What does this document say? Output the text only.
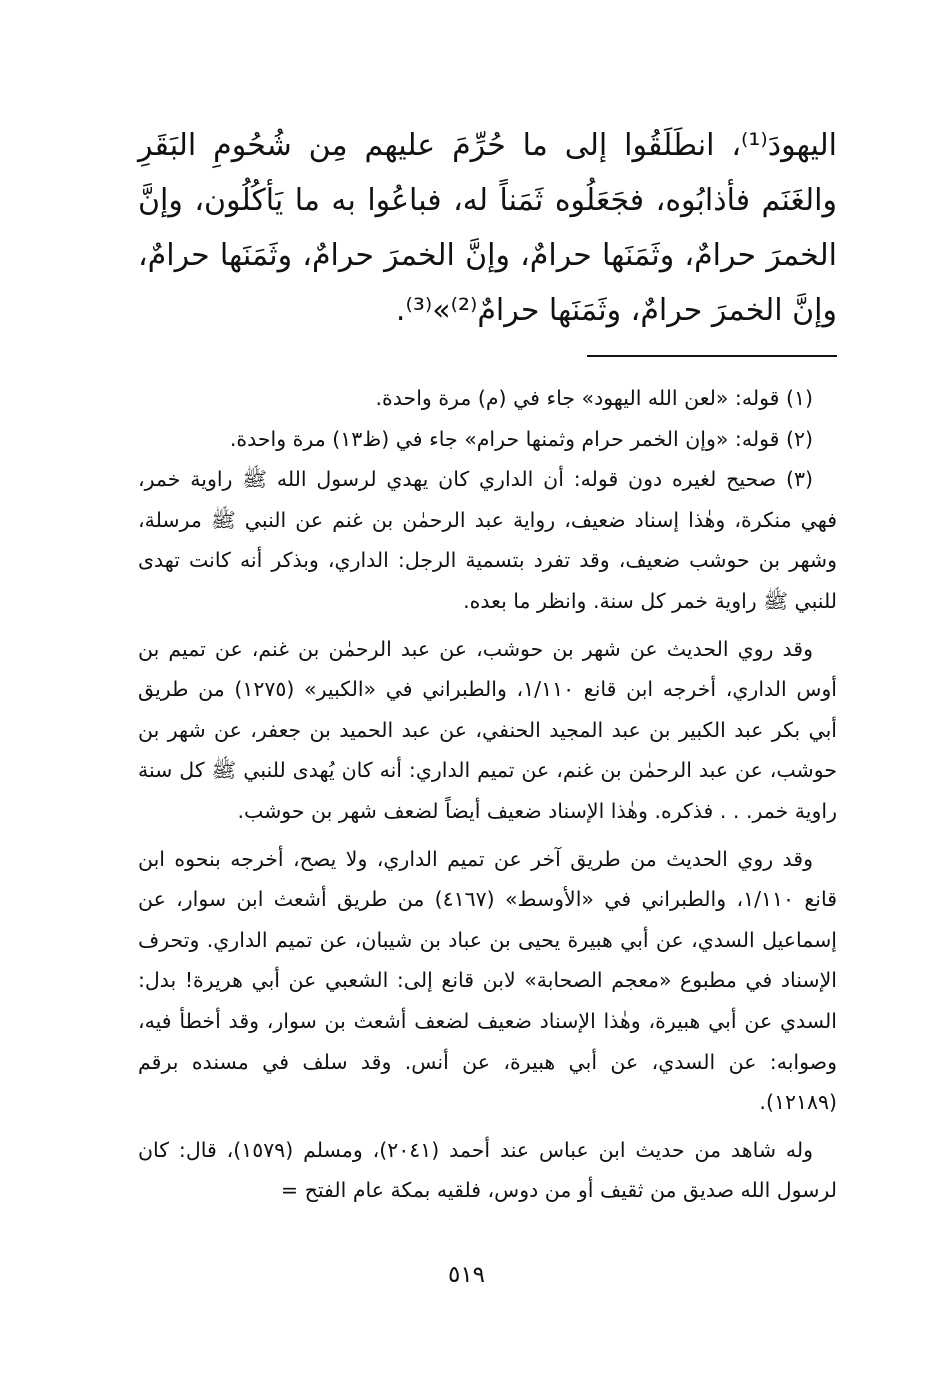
اليهودَ⁽¹⁾، انطَلَقُوا إلى ما حُرِّمَ عليهم مِن شُحُومِ البَقَرِ والغَنَم فأذابُوه، فجَعَلُوه ثَمَناً له، فباعُوا به ما يَأكُلُون، وإنَّ الخمرَ حرامٌ، وثَمَنَها حرامٌ، وإنَّ الخمرَ حرامٌ، وثَمَنَها حرامٌ، وإنَّ الخمرَ حرامٌ، وثَمَنَها حرامٌ⁽²⁾»⁽³⁾.

(١) قوله: «لعن الله اليهود» جاء في (م) مرة واحدة.

(٢) قوله: «وإن الخمر حرام وثمنها حرام» جاء في (ظ١٣) مرة واحدة.

(٣) صحيح لغيره دون قوله: أن الداري كان يهدي لرسول الله ﷺ راوية خمر، فهي منكرة، وهٰذا إسناد ضعيف، رواية عبد الرحمٰن بن غنم عن النبي ﷺ مرسلة، وشهر بن حوشب ضعيف، وقد تفرد بتسمية الرجل: الداري، وبذكر أنه كانت تهدى للنبي ﷺ راوية خمر كل سنة. وانظر ما بعده.

وقد روي الحديث عن شهر بن حوشب، عن عبد الرحمٰن بن غنم، عن تميم بن أوس الداري، أخرجه ابن قانع ١/١١٠، والطبراني في «الكبير» (١٢٧٥) من طريق أبي بكر عبد الكبير بن عبد المجيد الحنفي، عن عبد الحميد بن جعفر، عن شهر بن حوشب، عن عبد الرحمٰن بن غنم، عن تميم الداري: أنه كان يُهدى للنبي ﷺ كل سنة راوية خمر. . . فذكره. وهٰذا الإسناد ضعيف أيضاً لضعف شهر بن حوشب.

وقد روي الحديث من طريق آخر عن تميم الداري، ولا يصح، أخرجه بنحوه ابن قانع ١/١١٠، والطبراني في «الأوسط» (٤١٦٧) من طريق أشعث ابن سوار، عن إسماعيل السدي، عن أبي هبيرة يحيى بن عباد بن شيبان، عن تميم الداري. وتحرف الإسناد في مطبوع «معجم الصحابة» لابن قانع إلى: الشعبي عن أبي هريرة! بدل: السدي عن أبي هبيرة، وهٰذا الإسناد ضعيف لضعف أشعث بن سوار، وقد أخطأ فيه، وصوابه: عن السدي، عن أبي هبيرة، عن أنس. وقد سلف في مسنده برقم (١٢١٨٩).

وله شاهد من حديث ابن عباس عند أحمد (٢٠٤١)، ومسلم (١٥٧٩)، قال: كان لرسول الله صديق من ثقيف أو من دوس، فلقيه بمكة عام الفتح =

٥١٩
